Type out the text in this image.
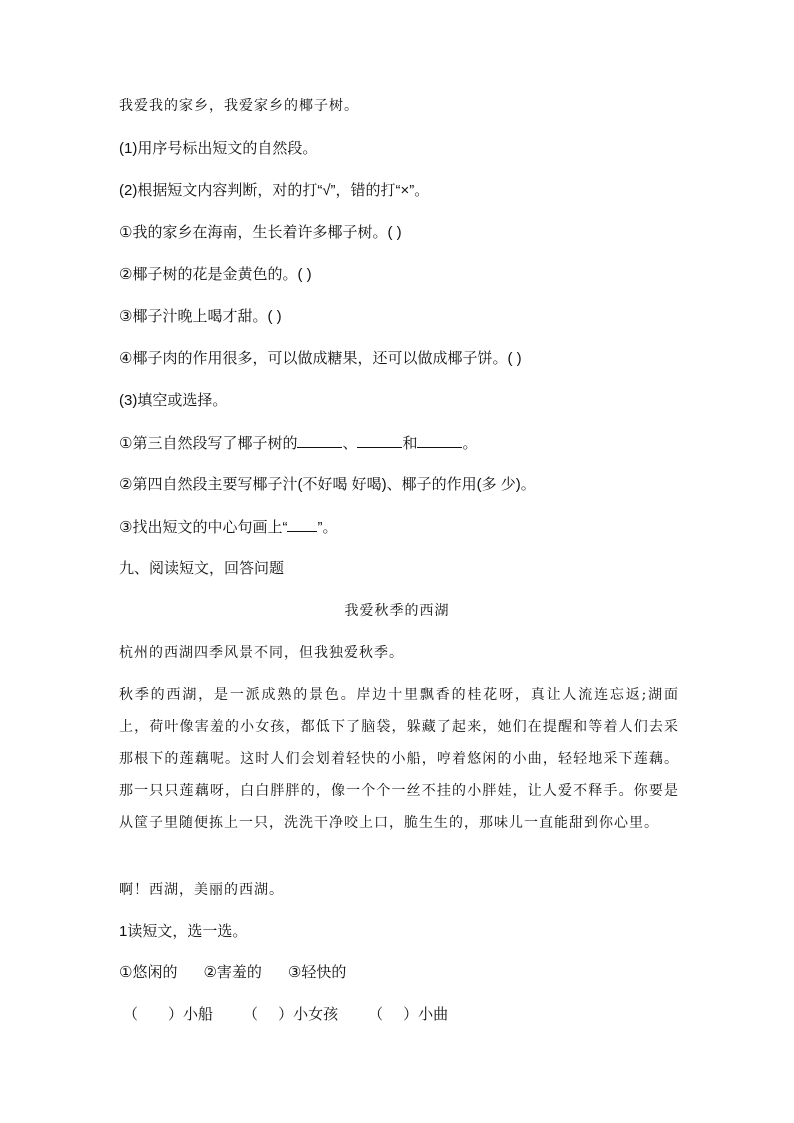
我爱我的家乡，我爱家乡的椰子树。
(1)用序号标出短文的自然段。
(2)根据短文内容判断，对的打“√”，错的打“×”。
①我的家乡在海南，生长着许多椰子树。( )
②椰子树的花是金黄色的。( )
③椰子汁晚上喝才甜。( )
④椰子肉的作用很多，可以做成糖果，还可以做成椰子饼。( )
(3)填空或选择。
①第三自然段写了椰子树的	、	和	。
②第四自然段主要写椰子汁(不好喝 好喝)、椰子的作用(多 少)。
③找出短文的中心句画上“ ”。
九、阅读短文，回答问题
我爱秋季的西湖
杭州的西湖四季风景不同，但我独爱秋季。
秋季的西湖，是一派成熟的景色。岸边十里飘香的桂花呀，真让人流连忘返;湖面上，荷叶像害羞的小女孩，都低下了脑袋，躲藏了起来，她们在提醒和等着人们去采那根下的莲藕呢。这时人们会划着轻快的小船，哼着悠闲的小曲，轻轻地采下莲藕。那一只只莲藕呀，白白胖胖的，像一个个一丝不挂的小胖娃，让人爱不释手。你要是从筐子里随便拣上一只，洗洗干净咬上口，脆生生的，那味儿一直能甜到你心里。
啊！西湖，美丽的西湖。
1读短文，选一选。
①悠闲的 ②害羞的 ③轻快的
（ ）小船 （ ）小女孩 （ ）小曲
